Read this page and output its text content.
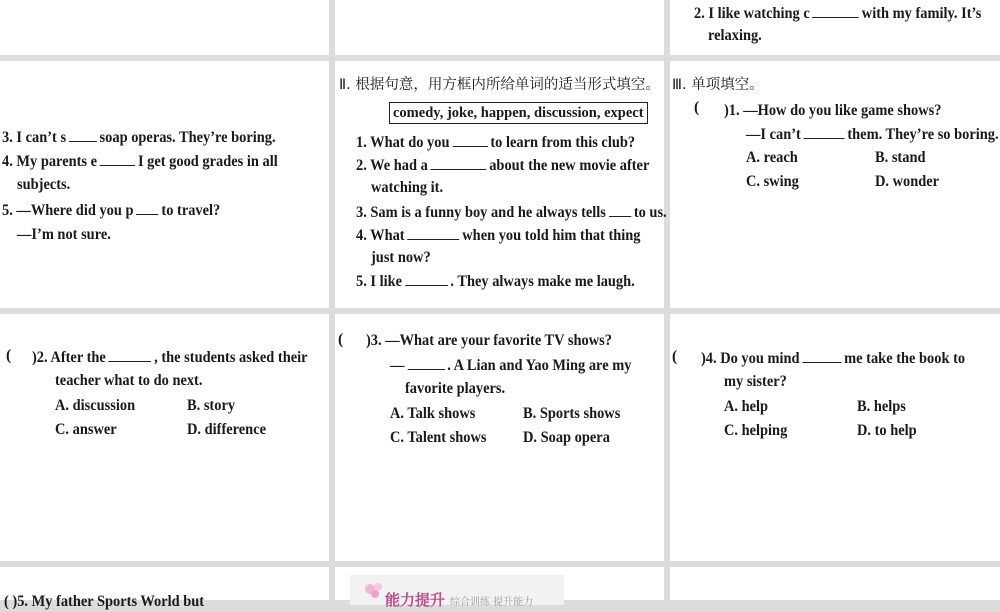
2. I like watching c	with my family. It’s
relaxing.
3. I can’t s soap operas. They’re boring.
4. My parents e	I get good grades in all
subjects.
5. —Where did you p to travel?
—I’m not sure.
Ⅱ. 根据句意，用方框内所给单词的适当形式填空。
comedy, joke, happen, discussion, expect
1. What do you	to learn from this club?
2. We had a	about the new movie after
watching it.
3. Sam is a funny boy and he always tells to us.
4. What	when you told him that thing
just now?
5. I like	. They always make me laugh.
Ⅲ. 单项填空。
( )1. —How do you like game shows?
—I can’t	them. They’re so boring.
A. reach	B. stand
C. swing	D. wonder
( )2. After the	, the students asked their
teacher what to do next.
A. discussion	B. story
C. answer	D. difference
( )3. —What are your favorite TV shows?
—	. A Lian and Yao Ming are my
favorite players.
A. Talk shows	B. Sports shows
C. Talent shows D. Soap opera
( )4. Do you mind	me take the book to
my sister?
A. help	B. helps
C. helping	D. to help
( )5. My father Sports World but	能力提升 综合训练 提升能力
